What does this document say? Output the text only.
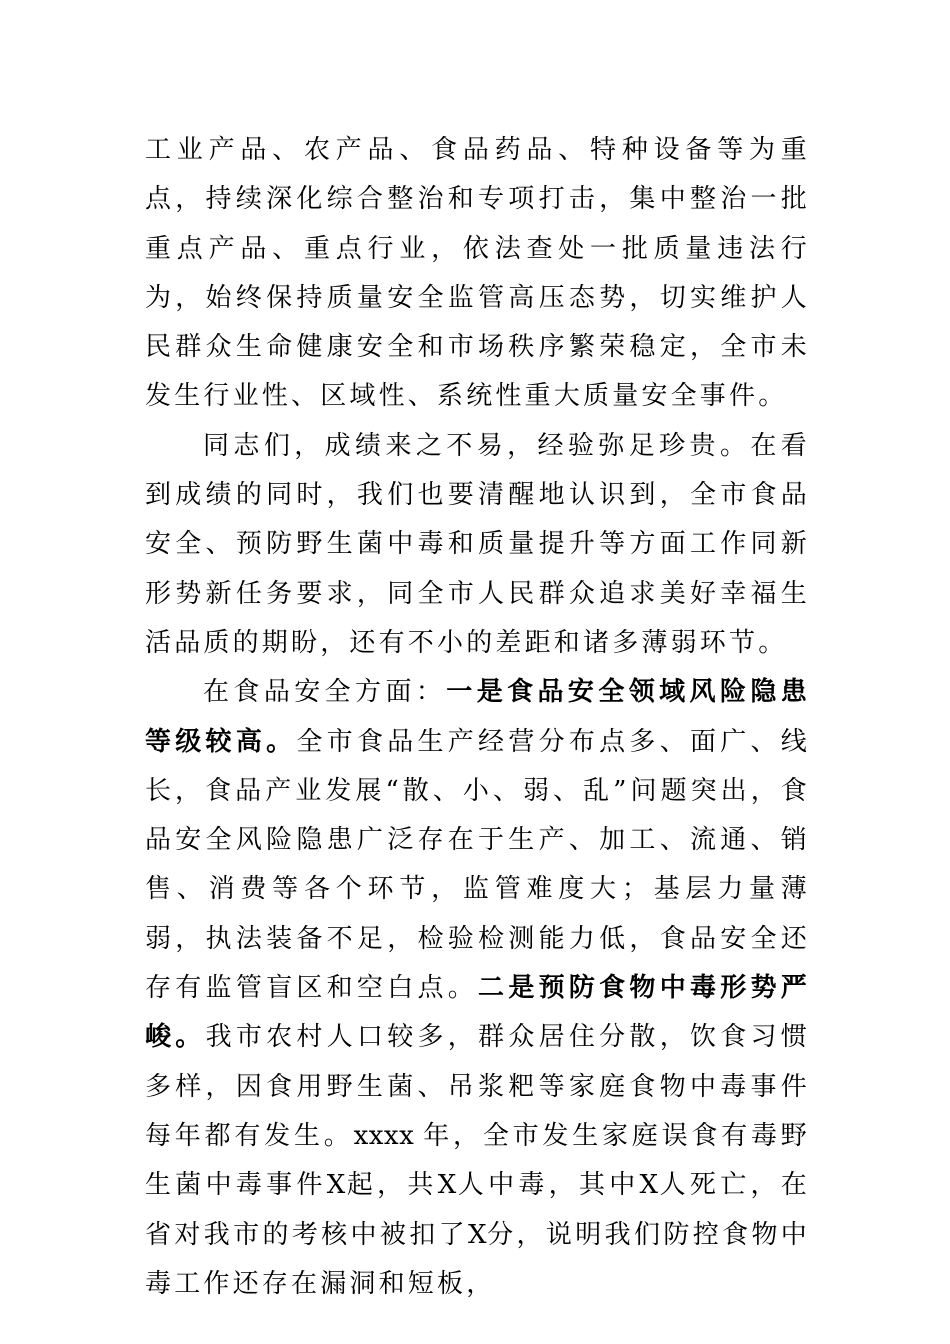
工业产品、农产品、食品药品、特种设备等为重点，持续深化综合整治和专项打击，集中整治一批重点产品、重点行业，依法查处一批质量违法行为，始终保持质量安全监管高压态势，切实维护人民群众生命健康安全和市场秩序繁荣稳定，全市未发生行业性、区域性、系统性重大质量安全事件。

同志们，成绩来之不易，经验弥足珍贵。在看到成绩的同时，我们也要清醒地认识到，全市食品安全、预防野生菌中毒和质量提升等方面工作同新形势新任务要求，同全市人民群众追求美好幸福生活品质的期盼，还有不小的差距和诸多薄弱环节。

在食品安全方面：一是食品安全领域风险隐患等级较高。全市食品生产经营分布点多、面广、线长，食品产业发展“散、小、弱、乱”问题突出，食品安全风险隐患广泛存在于生产、加工、流通、销售、消费等各个环节，监管难度大；基层力量薄弱，执法装备不足，检验检测能力低，食品安全还存有监管盲区和空白点。二是预防食物中毒形势严峻。我市农村人口较多，群众居住分散，饮食习惯多样，因食用野生菌、吊浆粑等家庭食物中毒事件每年都有发生。xxxx  年，全市发生家庭误食有毒野生菌中毒事件X起，共X人中毒，其中X人死亡，在省对我市的考核中被扣了X分，说明我们防控食物中毒工作还存在漏洞和短板，
